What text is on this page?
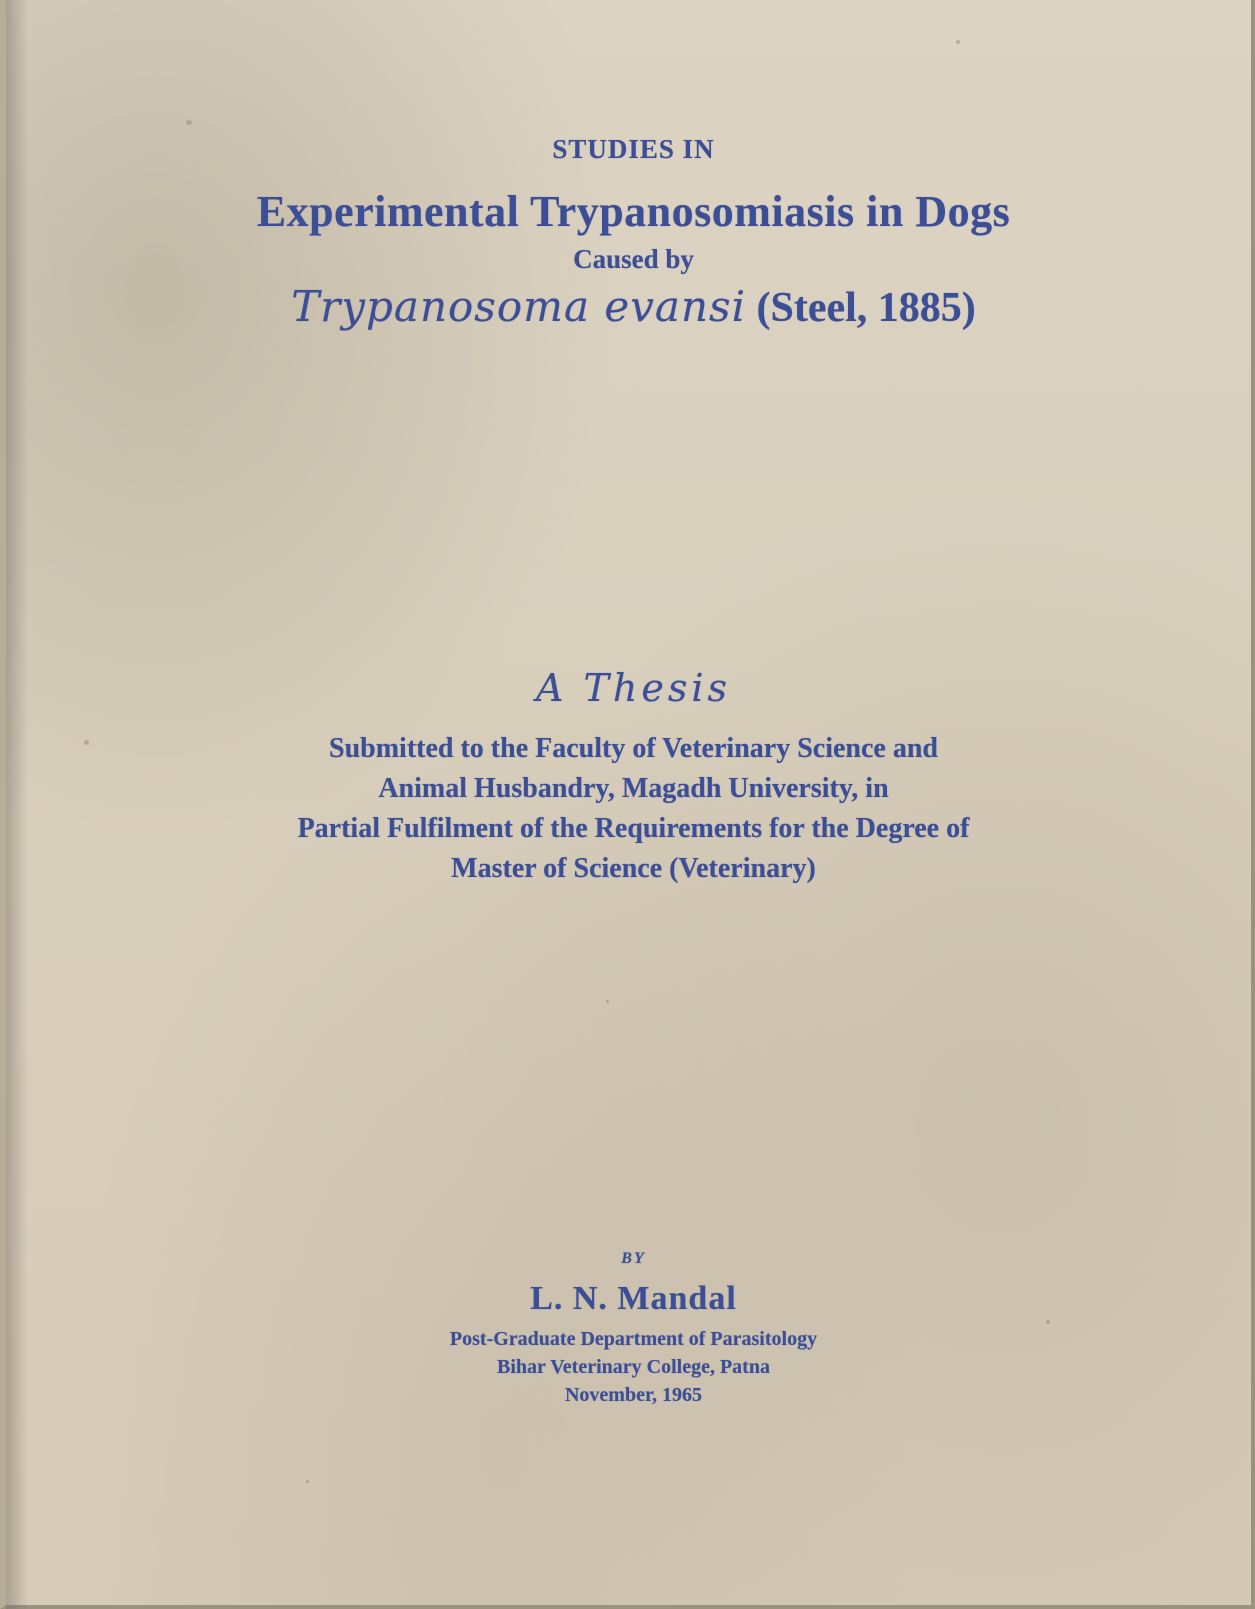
STUDIES IN
Experimental Trypanosomiasis in Dogs
Caused by
Trypanosoma evansi (Steel, 1885)
A Thesis
Submitted to the Faculty of Veterinary Science and
Animal Husbandry, Magadh University, in
Partial Fulfilment of the Requirements for the Degree of
Master of Science (Veterinary)
BY
L. N. Mandal
Post-Graduate Department of Parasitology
Bihar Veterinary College, Patna
November, 1965
